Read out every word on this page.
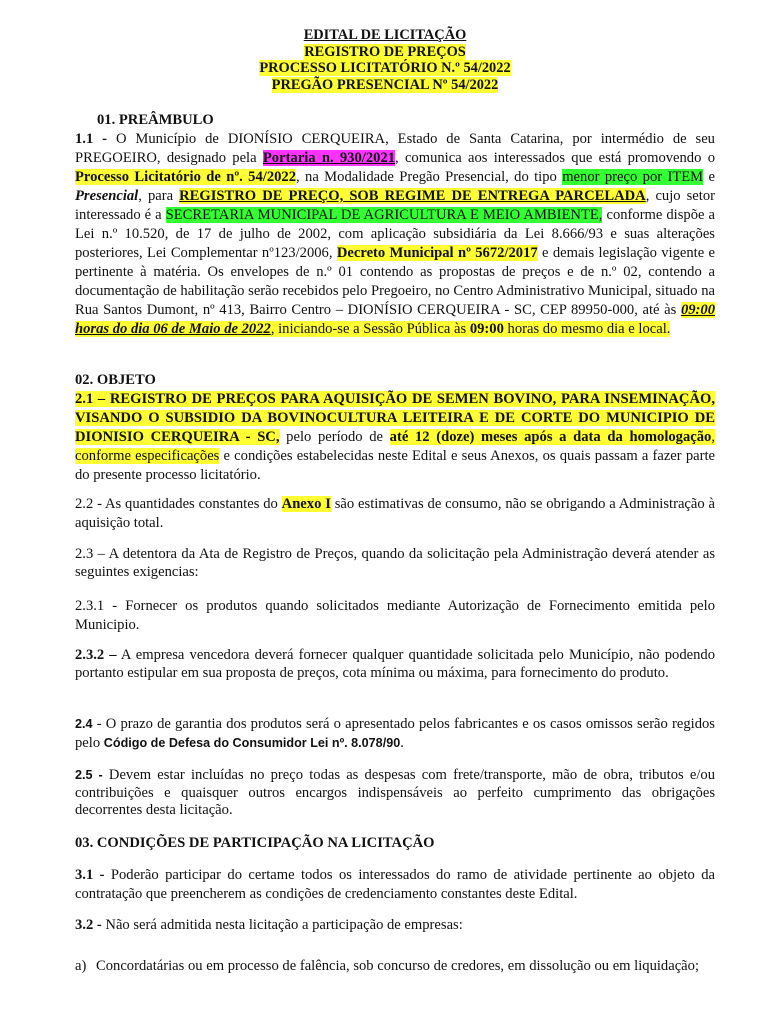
EDITAL DE LICITAÇÃO
REGISTRO DE PREÇOS
PROCESSO LICITATÓRIO N.º 54/2022
PREGÃO PRESENCIAL Nº 54/2022

01. PREÂMBULO

1.1 - O Município de DIONÍSIO CERQUEIRA, Estado de Santa Catarina, por intermédio de seu PREGOEIRO, designado pela Portaria n. 930/2021, comunica aos interessados que está promovendo o Processo Licitatório de nº. 54/2022, na Modalidade Pregão Presencial, do tipo menor preço por ITEM e Presencial, para REGISTRO DE PREÇO, SOB REGIME DE ENTREGA PARCELADA, cujo setor interessado é a SECRETARIA MUNICIPAL DE AGRICULTURA E MEIO AMBIENTE, conforme dispõe a Lei n.º 10.520, de 17 de julho de 2002, com aplicação subsidiária da Lei 8.666/93 e suas alterações posteriores, Lei Complementar nº123/2006, Decreto Municipal nº 5672/2017 e demais legislação vigente e pertinente à matéria. Os envelopes de n.º 01 contendo as propostas de preços e de n.º 02, contendo a documentação de habilitação serão recebidos pelo Pregoeiro, no Centro Administrativo Municipal, situado na Rua Santos Dumont, nº 413, Bairro Centro – DIONÍSIO CERQUEIRA - SC, CEP 89950-000, até às 09:00 horas do dia 06 de Maio de 2022, iniciando-se a Sessão Pública às 09:00 horas do mesmo dia e local.

02. OBJETO

2.1 – REGISTRO DE PREÇOS PARA AQUISIÇÃO DE SEMEN BOVINO, PARA INSEMINAÇÃO, VISANDO O SUBSIDIO DA BOVINOCULTURA LEITEIRA E DE CORTE DO MUNICIPIO DE DIONISIO CERQUEIRA - SC, pelo período de até 12 (doze) meses após a data da homologação, conforme especificações e condições estabelecidas neste Edital e seus Anexos, os quais passam a fazer parte do presente processo licitatório.

2.2 - As quantidades constantes do Anexo I são estimativas de consumo, não se obrigando a Administração à aquisição total.

2.3 – A detentora da Ata de Registro de Preços, quando da solicitação pela Administração deverá atender as seguintes exigencias:

2.3.1 - Fornecer os produtos quando solicitados mediante Autorização de Fornecimento emitida pelo Municipio.

2.3.2 – A empresa vencedora deverá fornecer qualquer quantidade solicitada pelo Município, não podendo portanto estipular em sua proposta de preços, cota mínima ou máxima, para fornecimento do produto.

2.4 - O prazo de garantia dos produtos será o apresentado pelos fabricantes e os casos omissos serão regidos pelo Código de Defesa do Consumidor Lei nº. 8.078/90.

2.5 - Devem estar incluídas no preço todas as despesas com frete/transporte, mão de obra, tributos e/ou contribuições e quaisquer outros encargos indispensáveis ao perfeito cumprimento das obrigações decorrentes desta licitação.

03. CONDIÇÕES DE PARTICIPAÇÃO NA LICITAÇÃO

3.1 - Poderão participar do certame todos os interessados do ramo de atividade pertinente ao objeto da contratação que preencherem as condições de credenciamento constantes deste Edital.

3.2 - Não será admitida nesta licitação a participação de empresas:

a) Concordatárias ou em processo de falência, sob concurso de credores, em dissolução ou em liquidação;
